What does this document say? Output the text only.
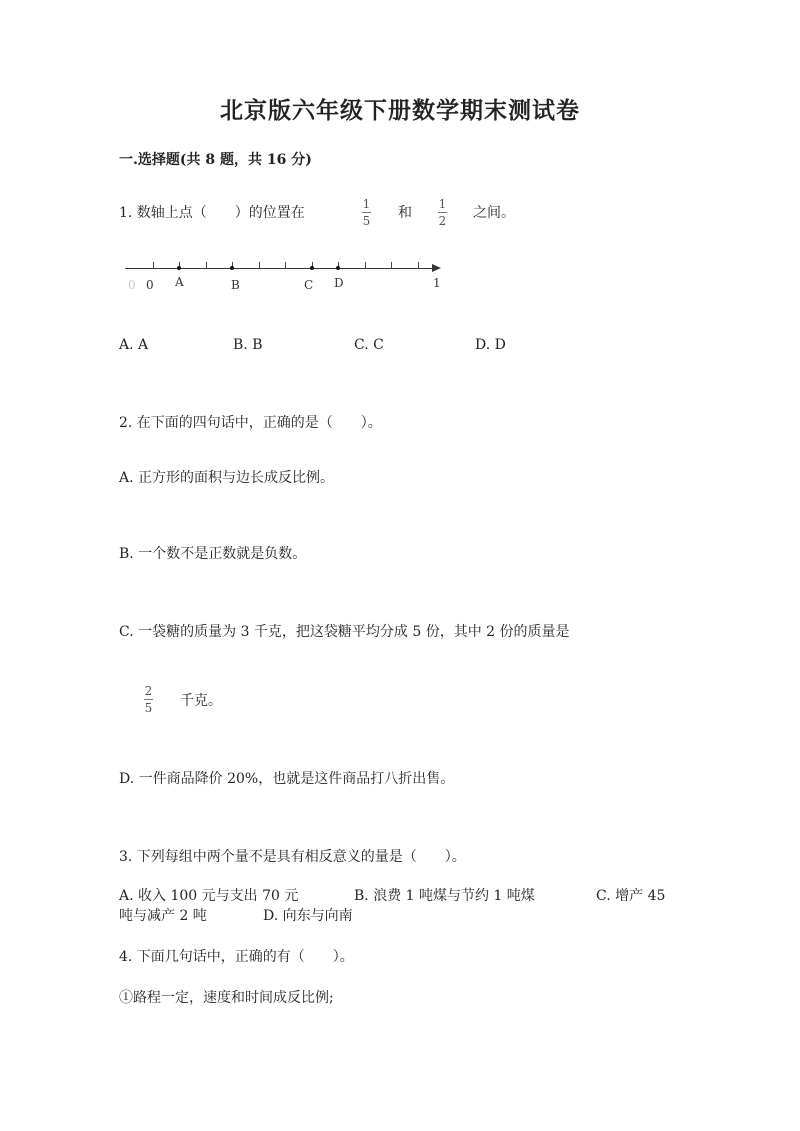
北京版六年级下册数学期末测试卷
一.选择题(共 8 题，共 16 分)
1. 数轴上点（　　）的位置在
1
5 和
1
2 之间。
0 0 A	B	C D	1
A. A	B. B	C. C	D. D
2. 在下面的四句话中，正确的是（　　）。
A. 正方形的面积与边长成反比例。
B. 一个数不是正数就是负数。
C. 一袋糖的质量为 3 千克，把这袋糖平均分成 5 份，其中 2 份的质量是
2
5 千克。
D. 一件商品降价 20%，也就是这件商品打八折出售。
3. 下列每组中两个量不是具有相反意义的量是（　　）。
A. 收入 100 元与支出 70 元	B. 浪费 1 吨煤与节约 1 吨煤	C. 增产 45
吨与减产 2 吨	D. 向东与向南
4. 下面几句话中，正确的有（　　）。
①路程一定，速度和时间成反比例;
